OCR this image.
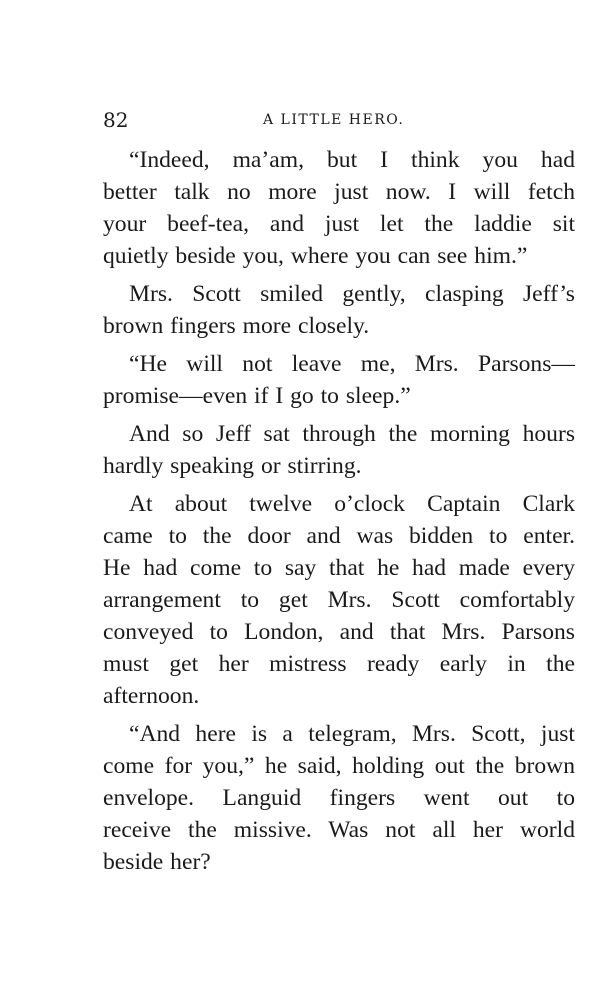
82	A LITTLE HERO.
“Indeed, ma’am, but I think you had
better talk no more just now. I will fetch
your beef-tea, and just let the laddie sit
quietly beside you, where you can see him.”
Mrs. Scott smiled gently, clasping Jeff’s
brown fingers more closely.
“He will not leave me, Mrs. Parsons—
promise—even if I go to sleep.”
And so Jeff sat through the morning hours
hardly speaking or stirring.
At about twelve o’clock Captain Clark
came to the door and was bidden to enter.
He had come to say that he had made every
arrangement to get Mrs. Scott comfortably
conveyed to London, and that Mrs. Parsons
must get her mistress ready early in the
afternoon.
“And here is a telegram, Mrs. Scott, just
come for you,” he said, holding out the brown
envelope. Languid fingers went out to
receive the missive. Was not all her world
beside her?
